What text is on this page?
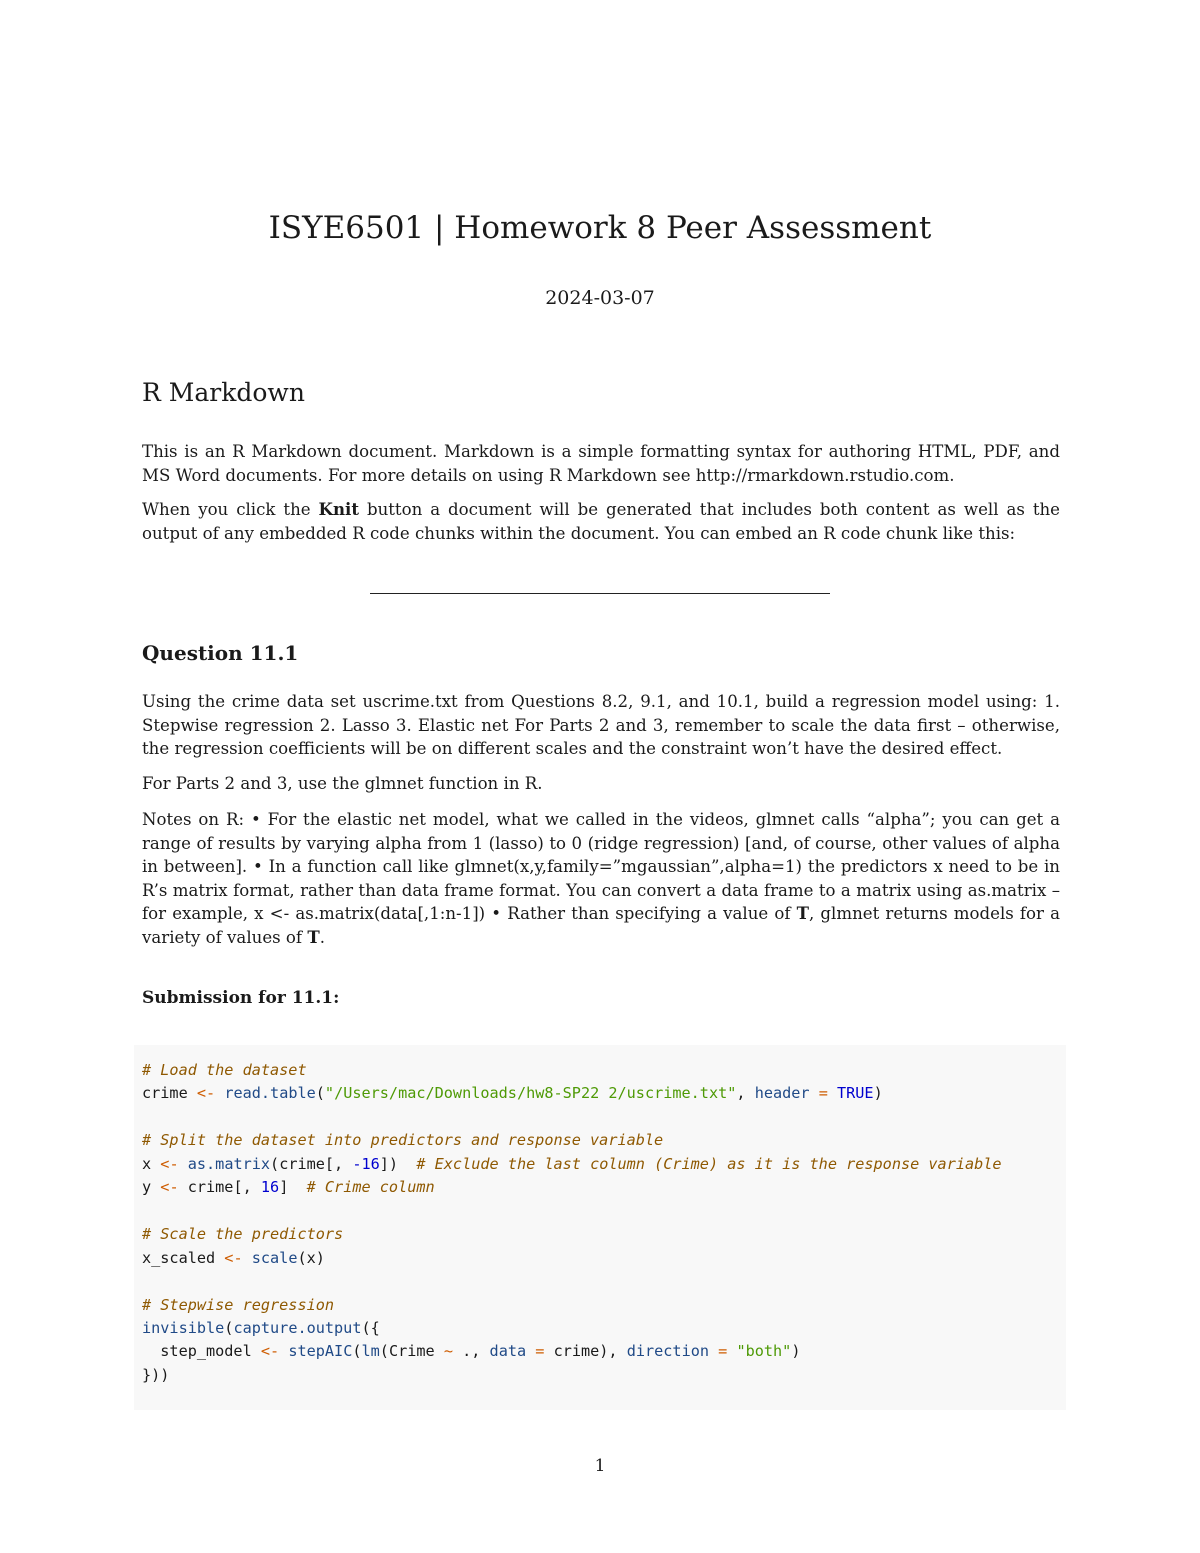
ISYE6501 | Homework 8 Peer Assessment
2024-03-07
R Markdown

This is an R Markdown document. Markdown is a simple formatting syntax for authoring HTML, PDF, and MS Word documents. For more details on using R Markdown see http://rmarkdown.rstudio.com.

When you click the Knit button a document will be generated that includes both content as well as the output of any embedded R code chunks within the document. You can embed an R code chunk like this:

Question 11.1

Using the crime data set uscrime.txt from Questions 8.2, 9.1, and 10.1, build a regression model using: 1. Stepwise regression 2. Lasso 3. Elastic net For Parts 2 and 3, remember to scale the data first – otherwise, the regression coefficients will be on different scales and the constraint won’t have the desired effect.

For Parts 2 and 3, use the glmnet function in R.

Notes on R: • For the elastic net model, what we called in the videos, glmnet calls “alpha”; you can get a range of results by varying alpha from 1 (lasso) to 0 (ridge regression) [and, of course, other values of alpha in between]. • In a function call like glmnet(x,y,family=”mgaussian”,alpha=1) the predictors x need to be in R’s matrix format, rather than data frame format. You can convert a data frame to a matrix using as.matrix – for example, x <- as.matrix(data[,1:n-1]) • Rather than specifying a value of T, glmnet returns models for a variety of values of T.

Submission for 11.1:
# Load the dataset
crime <- read.table("/Users/mac/Downloads/hw8-SP22 2/uscrime.txt", header = TRUE)

# Split the dataset into predictors and response variable
x <- as.matrix(crime[, -16])  # Exclude the last column (Crime) as it is the response variable
y <- crime[, 16]  # Crime column

# Scale the predictors
x_scaled <- scale(x)

# Stepwise regression
invisible(capture.output({
step_model <- stepAIC(lm(Crime ~ ., data = crime), direction = "both")
}))
1
